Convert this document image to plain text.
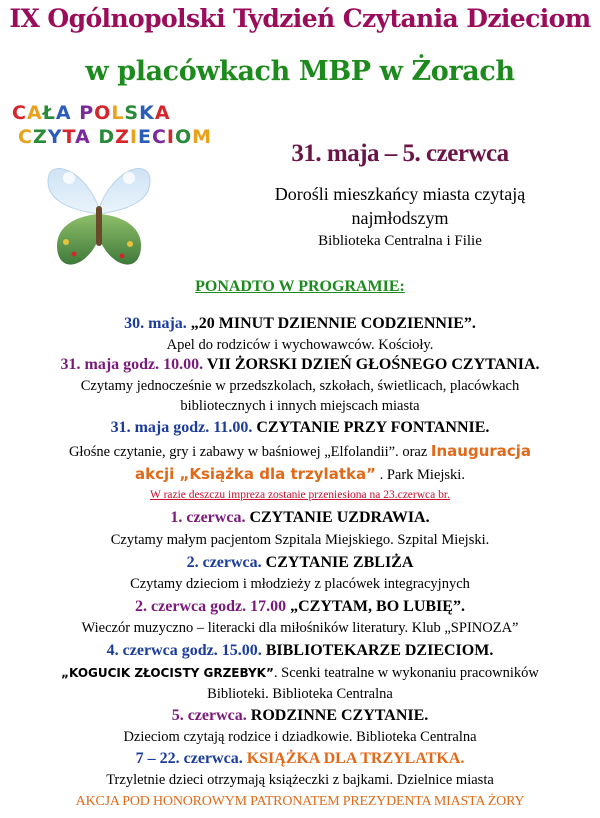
IX Ogólnopolski Tydzień Czytania Dzieciom
w placówkach MBP w Żorach
CAŁA POLSKA
CZYTA DZIECIOM
31. maja – 5. czerwca
Dorośli mieszkańcy miasta czytają
najmłodszym
Biblioteka Centralna i Filie
PONADTO W PROGRAMIE:
30. maja. „20 MINUT DZIENNIE CODZIENNIE”.
Apel do rodziców i wychowawców. Kościoły.
31. maja godz. 10.00. VII ŻORSKI DZIEŃ GŁOŚNEGO CZYTANIA.
Czytamy jednocześnie w przedszkolach, szkołach, świetlicach, placówkach
bibliotecznych i innych miejscach miasta
31. maja godz. 11.00. CZYTANIE PRZY FONTANNIE.
Głośne czytanie, gry i zabawy w baśniowej „Elfolandii”. oraz Inauguracja
akcji „Książka dla trzylatka” . Park Miejski.
W razie deszczu impreza zostanie przeniesiona na 23.czerwca br.
1. czerwca. CZYTANIE UZDRAWIA.
Czytamy małym pacjentom Szpitala Miejskiego. Szpital Miejski.
2. czerwca. CZYTANIE ZBLIŻA
Czytamy dzieciom i młodzieży z placówek integracyjnych
2. czerwca godz. 17.00 „CZYTAM, BO LUBIĘ”.
Wieczór muzyczno – literacki dla miłośników literatury. Klub „SPINOZA”
4. czerwca godz. 15.00. BIBLIOTEKARZE DZIECIOM.
„KOGUCIK ZŁOCISTY GRZEBYK”. Scenki teatralne w wykonaniu pracowników
Biblioteki. Biblioteka Centralna
5. czerwca. RODZINNE CZYTANIE.
Dzieciom czytają rodzice i dziadkowie. Biblioteka Centralna
7 – 22. czerwca. KSIĄŻKA DLA TRZYLATKA.
Trzyletnie dzieci otrzymają książeczki z bajkami. Dzielnice miasta
AKCJA POD HONOROWYM PATRONATEM PREZYDENTA MIASTA ŻORY
